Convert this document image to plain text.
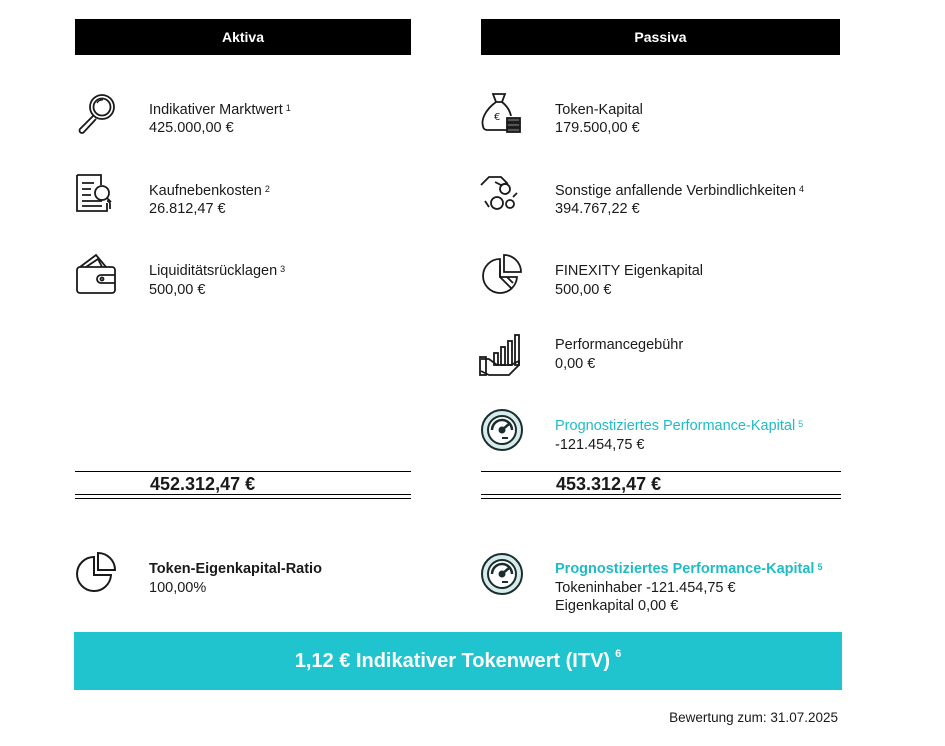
Aktiva	Passiva
Indikativer Marktwert $^1$
425.000,00 €
Kaufnebenkosten $^2$
26.812,47 €
Liquiditätsrücklagen $^3$
500,00 €
€	Token-Kapital
179.500,00 €
Sonstige anfallende Verbindlichkeiten $^4$
394.767,22 €
FINEXITY Eigenkapital
500,00 €
Performancegebühr
0,00 €
Prognostiziertes Performance-Kapital $^5$
-121.454,75 €
452.312,47 €	453.312,47 €
Token-Eigenkapital-Ratio
100,00%
Prognostiziertes Performance-Kapital $^5$
Tokeninhaber -121.454,75 €
Eigenkapital 0,00 €
1,12 € Indikativer Tokenwert (ITV) $^6$
Bewertung zum: 31.07.2025
